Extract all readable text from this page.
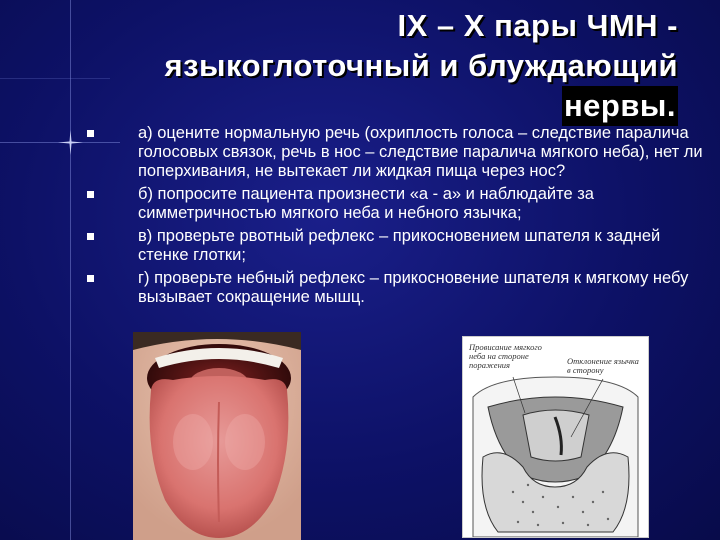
IX – X пары ЧМН -
языкоглоточный и блуждающий
нервы.
а) оцените нормальную речь (охриплость голоса – следствие паралича голосовых связок, речь в нос – следствие паралича мягкого неба), нет ли поперхивания, не вытекает ли жидкая пища через нос?
б) попросите пациента произнести «а - а» и наблюдайте за симметричностью мягкого неба и небного язычка;
в) проверьте рвотный рефлекс – прикосновением шпателя к задней стенке глотки;
г) проверьте небный рефлекс – прикосновение шпателя к мягкому небу вызывает сокращение мышц.
Провисание мягкого неба на стороне поражения	Отклонение язычка в сторону
